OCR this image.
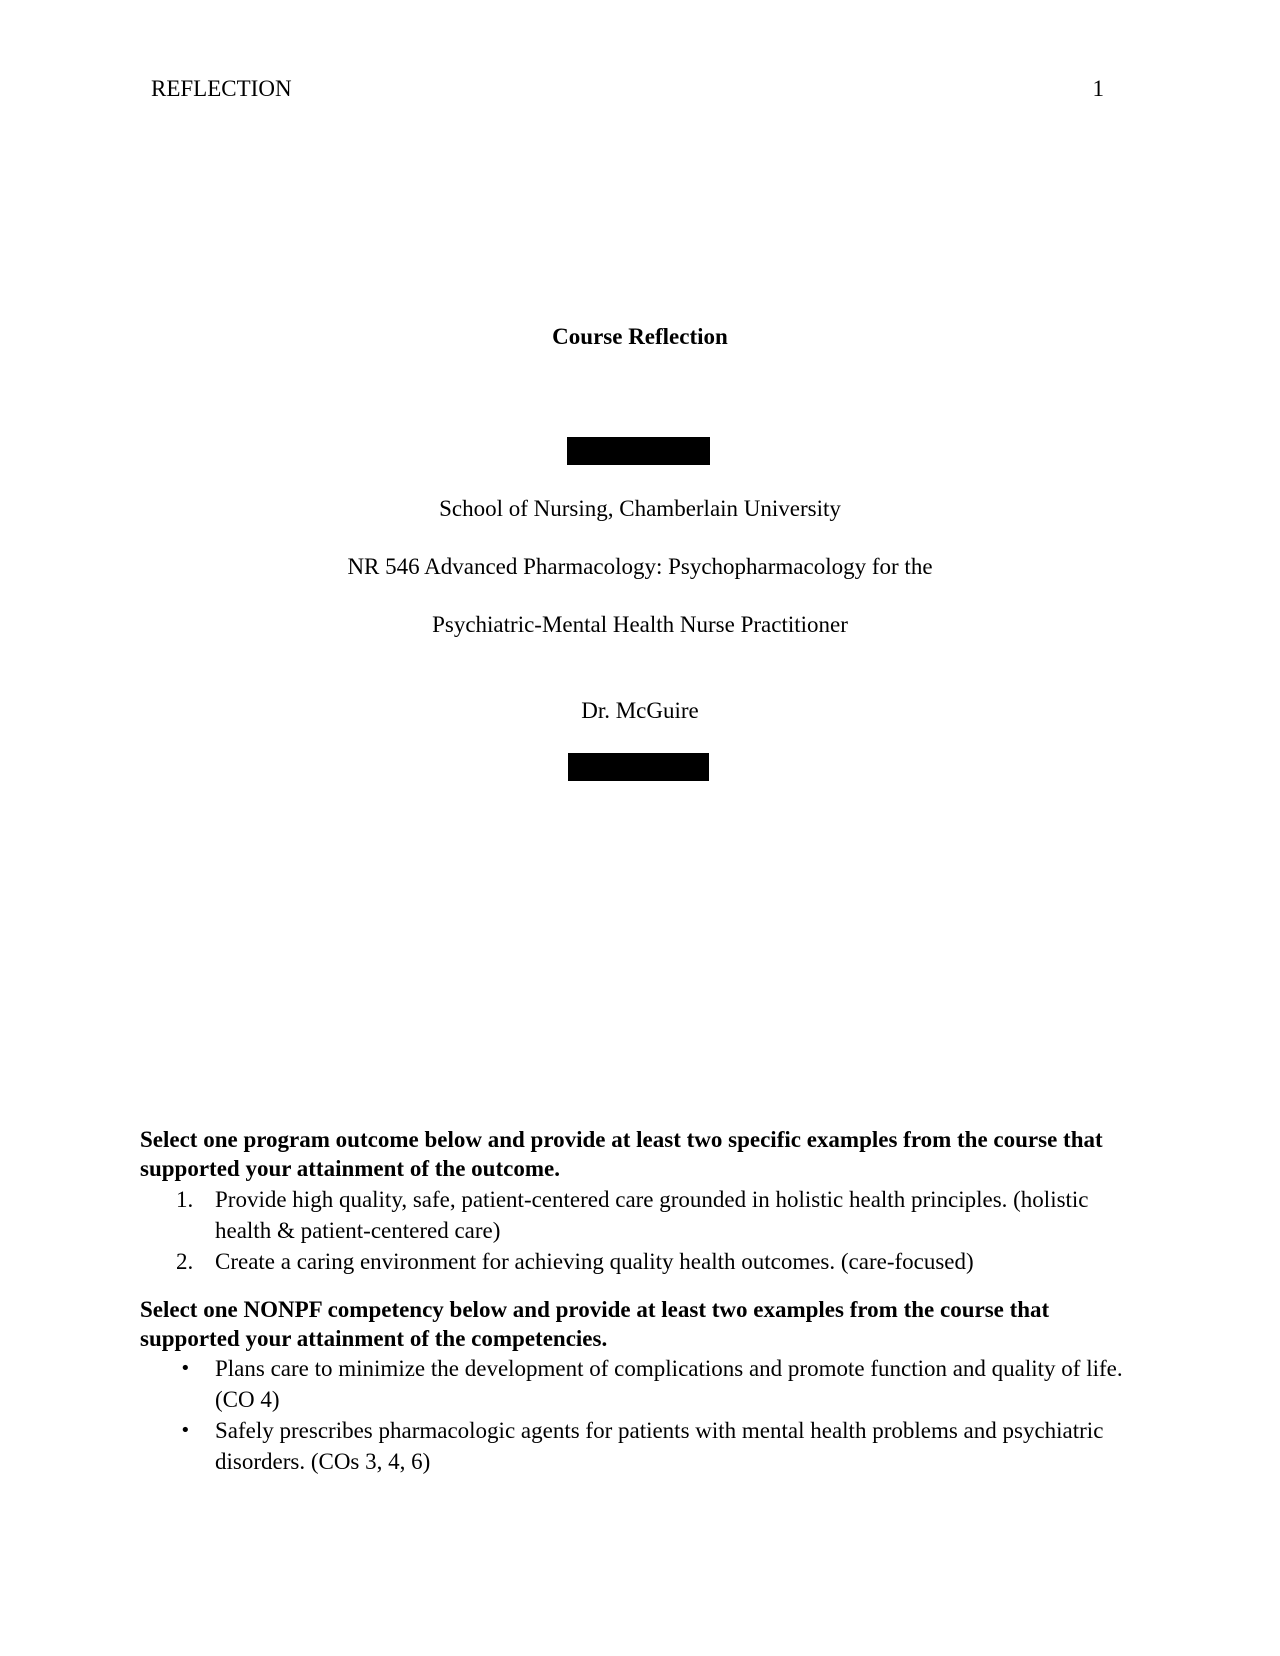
REFLECTION	1
Course Reflection
School of Nursing, Chamberlain University
NR 546 Advanced Pharmacology: Psychopharmacology for the
Psychiatric-Mental Health Nurse Practitioner
Dr. McGuire
Select one program outcome below and provide at least two specific examples from the course that supported your attainment of the outcome.
1. Provide high quality, safe, patient-centered care grounded in holistic health principles. (holistic health & patient-centered care)
2. Create a caring environment for achieving quality health outcomes. (care-focused)
Select one NONPF competency below and provide at least two examples from the course that supported your attainment of the competencies.
• Plans care to minimize the development of complications and promote function and quality of life. (CO 4)
• Safely prescribes pharmacologic agents for patients with mental health problems and psychiatric disorders. (COs 3, 4, 6)
